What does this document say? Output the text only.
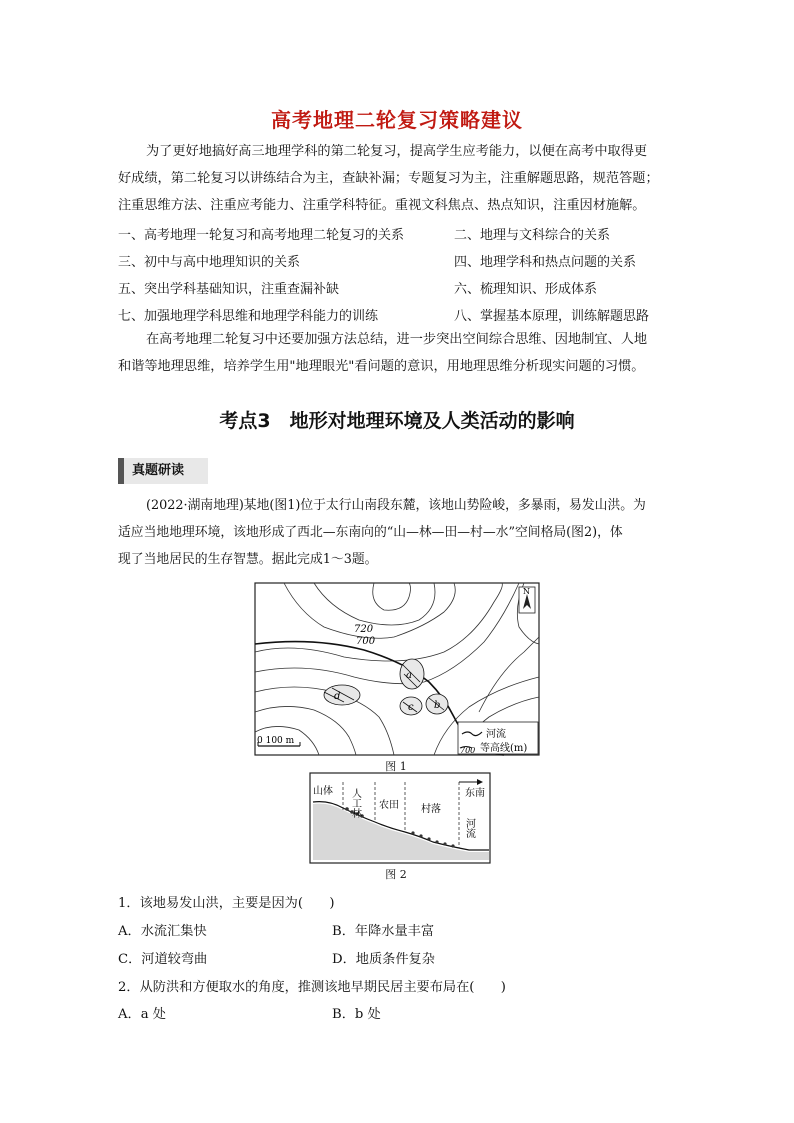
高考地理二轮复习策略建议
为了更好地搞好高三地理学科的第二轮复习，提高学生应考能力，以便在高考中取得更
好成绩，第二轮复习以讲练结合为主，查缺补漏；专题复习为主，注重解题思路，规范答题；
注重思维方法、注重应考能力、注重学科特征。重视文科焦点、热点知识，注重因材施解。
一、高考地理一轮复习和高考地理二轮复习的关系	二、地理与文科综合的关系
三、初中与高中地理知识的关系	四、地理学科和热点问题的关系
五、突出学科基础知识，注重查漏补缺	六、梳理知识、形成体系
七、加强地理学科思维和地理学科能力的训练	八、掌握基本原理，训练解题思路
在高考地理二轮复习中还要加强方法总结，进一步突出空间综合思维、因地制宜、人地
和谐等地理思维，培养学生用"地理眼光"看问题的意识，用地理思维分析现实问题的习惯。
考点3　地形对地理环境及人类活动的影响
真题研读
(2022·湖南地理)某地(图1)位于太行山南段东麓，该地山势险峻，多暴雨，易发山洪。为
适应当地地理环境，该地形成了西北—东南向的“山—林—田—村—水”空间格局(图2)，体
现了当地居民的生存智慧。据此完成1～3题。
a
b
c
d
720
700
N
0 100 m
河流
700 等高线(m)
图 1
山体 人工林 农田 村落
河流
东南
图 2
1．该地易发山洪，主要是因为(　　)
A．水流汇集快	B．年降水量丰富
C．河道较弯曲	D．地质条件复杂
2．从防洪和方便取水的角度，推测该地早期民居主要布局在(　　)
A．a 处	B．b 处
